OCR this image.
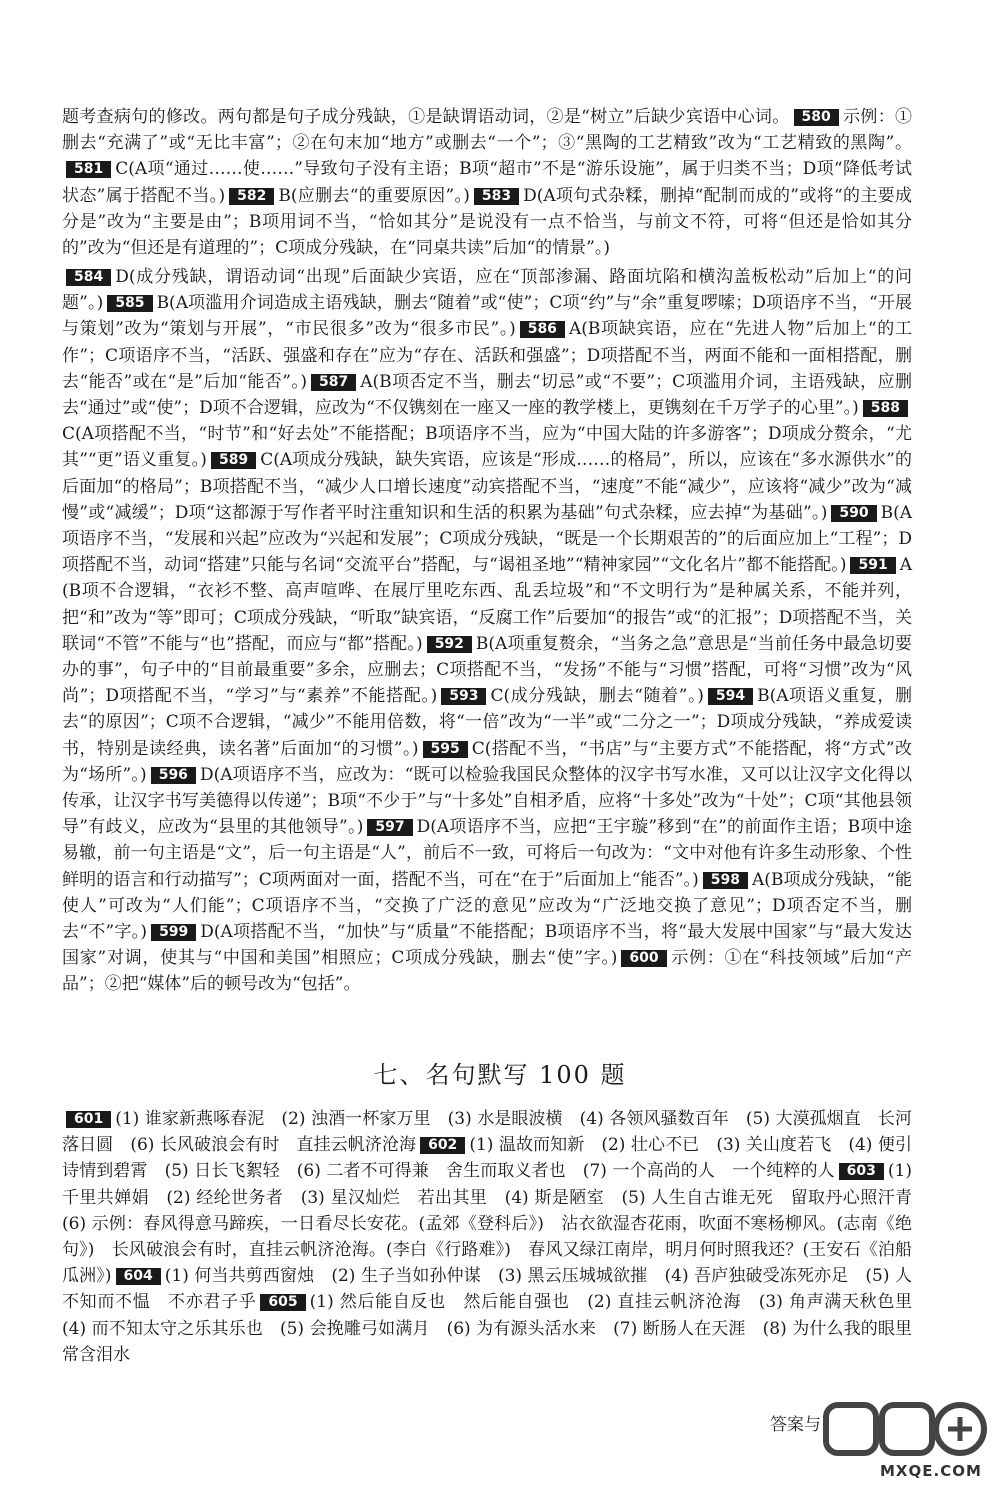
题考查病句的修改。两句都是句子成分残缺，①是缺谓语动词，②是“树立”后缺少宾语中心词。 580 示例：①删去“充满了”或“无比丰富”；②在句末加“地方”或删去“一个”；③“黑陶的工艺精致”改为“工艺精致的黑陶”。581 C(A项“通过……使……”导致句子没有主语；B项“超市”不是“游乐设施”，属于归类不当；D项“降低考试状态”属于搭配不当。) 582 B(应删去“的重要原因”。) 583 D(A项句式杂糅，删掉“配制而成的”或将“的主要成分是”改为“主要是由”；B项用词不当，“恰如其分”是说没有一点不恰当，与前文不符，可将“但还是恰如其分的”改为“但还是有道理的”；C项成分残缺，在“同桌共读”后加“的情景”。)
584 D(成分残缺，谓语动词“出现”后面缺少宾语，应在“顶部渗漏、路面坑陷和横沟盖板松动”后加上“的问题”。) 585 B(A项滥用介词造成主语残缺，删去“随着”或“使”；C项“约”与“余”重复啰嗦；D项语序不当，“开展与策划”改为“策划与开展”，“市民很多”改为“很多市民”。) 586 A(B项缺宾语，应在“先进人物”后加上“的工作”；C项语序不当，“活跃、强盛和存在”应为“存在、活跃和强盛”；D项搭配不当，两面不能和一面相搭配，删去“能否”或在“是”后加“能否”。) 587 A(B项否定不当，删去“切忌”或“不要”；C项滥用介词，主语残缺，应删去“通过”或“使”；D项不合逻辑，应改为“不仅镌刻在一座又一座的教学楼上，更镌刻在千万学子的心里”。) 588C(A项搭配不当，“时节”和“好去处”不能搭配；B项语序不当，应为“中国大陆的许多游客”；D项成分赘余，“尤其”“更”语义重复。) 589 C(A项成分残缺，缺失宾语，应该是“形成……的格局”，所以，应该在“多水源供水”的后面加“的格局”；B项搭配不当，“减少人口增长速度”动宾搭配不当，“速度”不能“减少”，应该将“减少”改为“减慢”或“减缓”；D项“这都源于写作者平时注重知识和生活的积累为基础”句式杂糅，应去掉“为基础”。) 590 B(A项语序不当，“发展和兴起”应改为“兴起和发展”；C项成分残缺，“既是一个长期艰苦的”的后面应加上“工程”；D项搭配不当，动词“搭建”只能与名词“交流平台”搭配，与“谒祖圣地”“精神家园”“文化名片”都不能搭配。) 591 A(B项不合逻辑，“衣衫不整、高声喧哗、在展厅里吃东西、乱丢垃圾”和“不文明行为”是种属关系，不能并列，把“和”改为“等”即可；C项成分残缺，“听取”缺宾语，“反腐工作”后要加“的报告”或“的汇报”；D项搭配不当，关联词“不管”不能与“也”搭配，而应与“都”搭配。) 592 B(A项重复赘余，“当务之急”意思是“当前任务中最急切要办的事”，句子中的“目前最重要”多余，应删去；C项搭配不当，“发扬”不能与“习惯”搭配，可将“习惯”改为“风尚”；D项搭配不当，“学习”与“素养”不能搭配。) 593 C(成分残缺，删去“随着”。) 594 B(A项语义重复，删去“的原因”；C项不合逻辑，“减少”不能用倍数，将“一倍”改为“一半”或“二分之一”；D项成分残缺，“养成爱读书，特别是读经典，读名著”后面加“的习惯”。) 595 C(搭配不当，“书店”与“主要方式”不能搭配，将“方式”改为“场所”。) 596 D(A项语序不当，应改为：“既可以检验我国民众整体的汉字书写水准，又可以让汉字文化得以传承，让汉字书写美德得以传递”；B项“不少于”与“十多处”自相矛盾，应将“十多处”改为“十处”；C项“其他县领导”有歧义，应改为“县里的其他领导”。) 597 D(A项语序不当，应把“王宇璇”移到“在”的前面作主语；B项中途易辙，前一句主语是“文”，后一句主语是“人”，前后不一致，可将后一句改为：“文中对他有许多生动形象、个性鲜明的语言和行动描写”；C项两面对一面，搭配不当，可在“在于”后面加上“能否”。) 598 A(B项成分残缺，“能使人”可改为“人们能”；C项语序不当，“交换了广泛的意见”应改为“广泛地交换了意见”；D项否定不当，删去“不”字。) 599 D(A项搭配不当，“加快”与“质量”不能搭配；B项语序不当，将“最大发展中国家”与“最大发达国家”对调，使其与“中国和美国”相照应；C项成分残缺，删去“使”字。) 600 示例：①在“科技领域”后加“产品”；②把“媒体”后的顿号改为“包括”。
七、名句默写 100 题
601 (1) 谁家新燕啄春泥　(2) 浊酒一杯家万里　(3) 水是眼波横　(4) 各领风骚数百年　(5) 大漠孤烟直　长河落日圆　(6) 长风破浪会有时　直挂云帆济沧海 602 (1) 温故而知新　(2) 壮心不已　(3) 关山度若飞　(4) 便引诗情到碧霄　(5) 日长飞絮轻　(6) 二者不可得兼　舍生而取义者也　(7) 一个高尚的人　一个纯粹的人 603 (1) 千里共婵娟　(2) 经纶世务者　(3) 星汉灿烂　若出其里　(4) 斯是陋室　(5) 人生自古谁无死　留取丹心照汗青　(6) 示例：春风得意马蹄疾，一日看尽长安花。(孟郊《登科后》)　沾衣欲湿杏花雨，吹面不寒杨柳风。(志南《绝句》)　长风破浪会有时，直挂云帆济沧海。(李白《行路难》)　春风又绿江南岸，明月何时照我还？(王安石《泊船瓜洲》) 604 (1) 何当共剪西窗烛　(2) 生子当如孙仲谋　(3) 黑云压城城欲摧　(4) 吾庐独破受冻死亦足　(5) 人不知而不愠　不亦君子乎 605 (1) 然后能自反也　然后能自强也　(2) 直挂云帆济沧海　(3) 角声满天秋色里　(4) 而不知太守之乐其乐也　(5) 会挽雕弓如满月　(6) 为有源头活水来　(7) 断肠人在天涯　(8) 为什么我的眼里常含泪水
答案与
MXQE.COM
